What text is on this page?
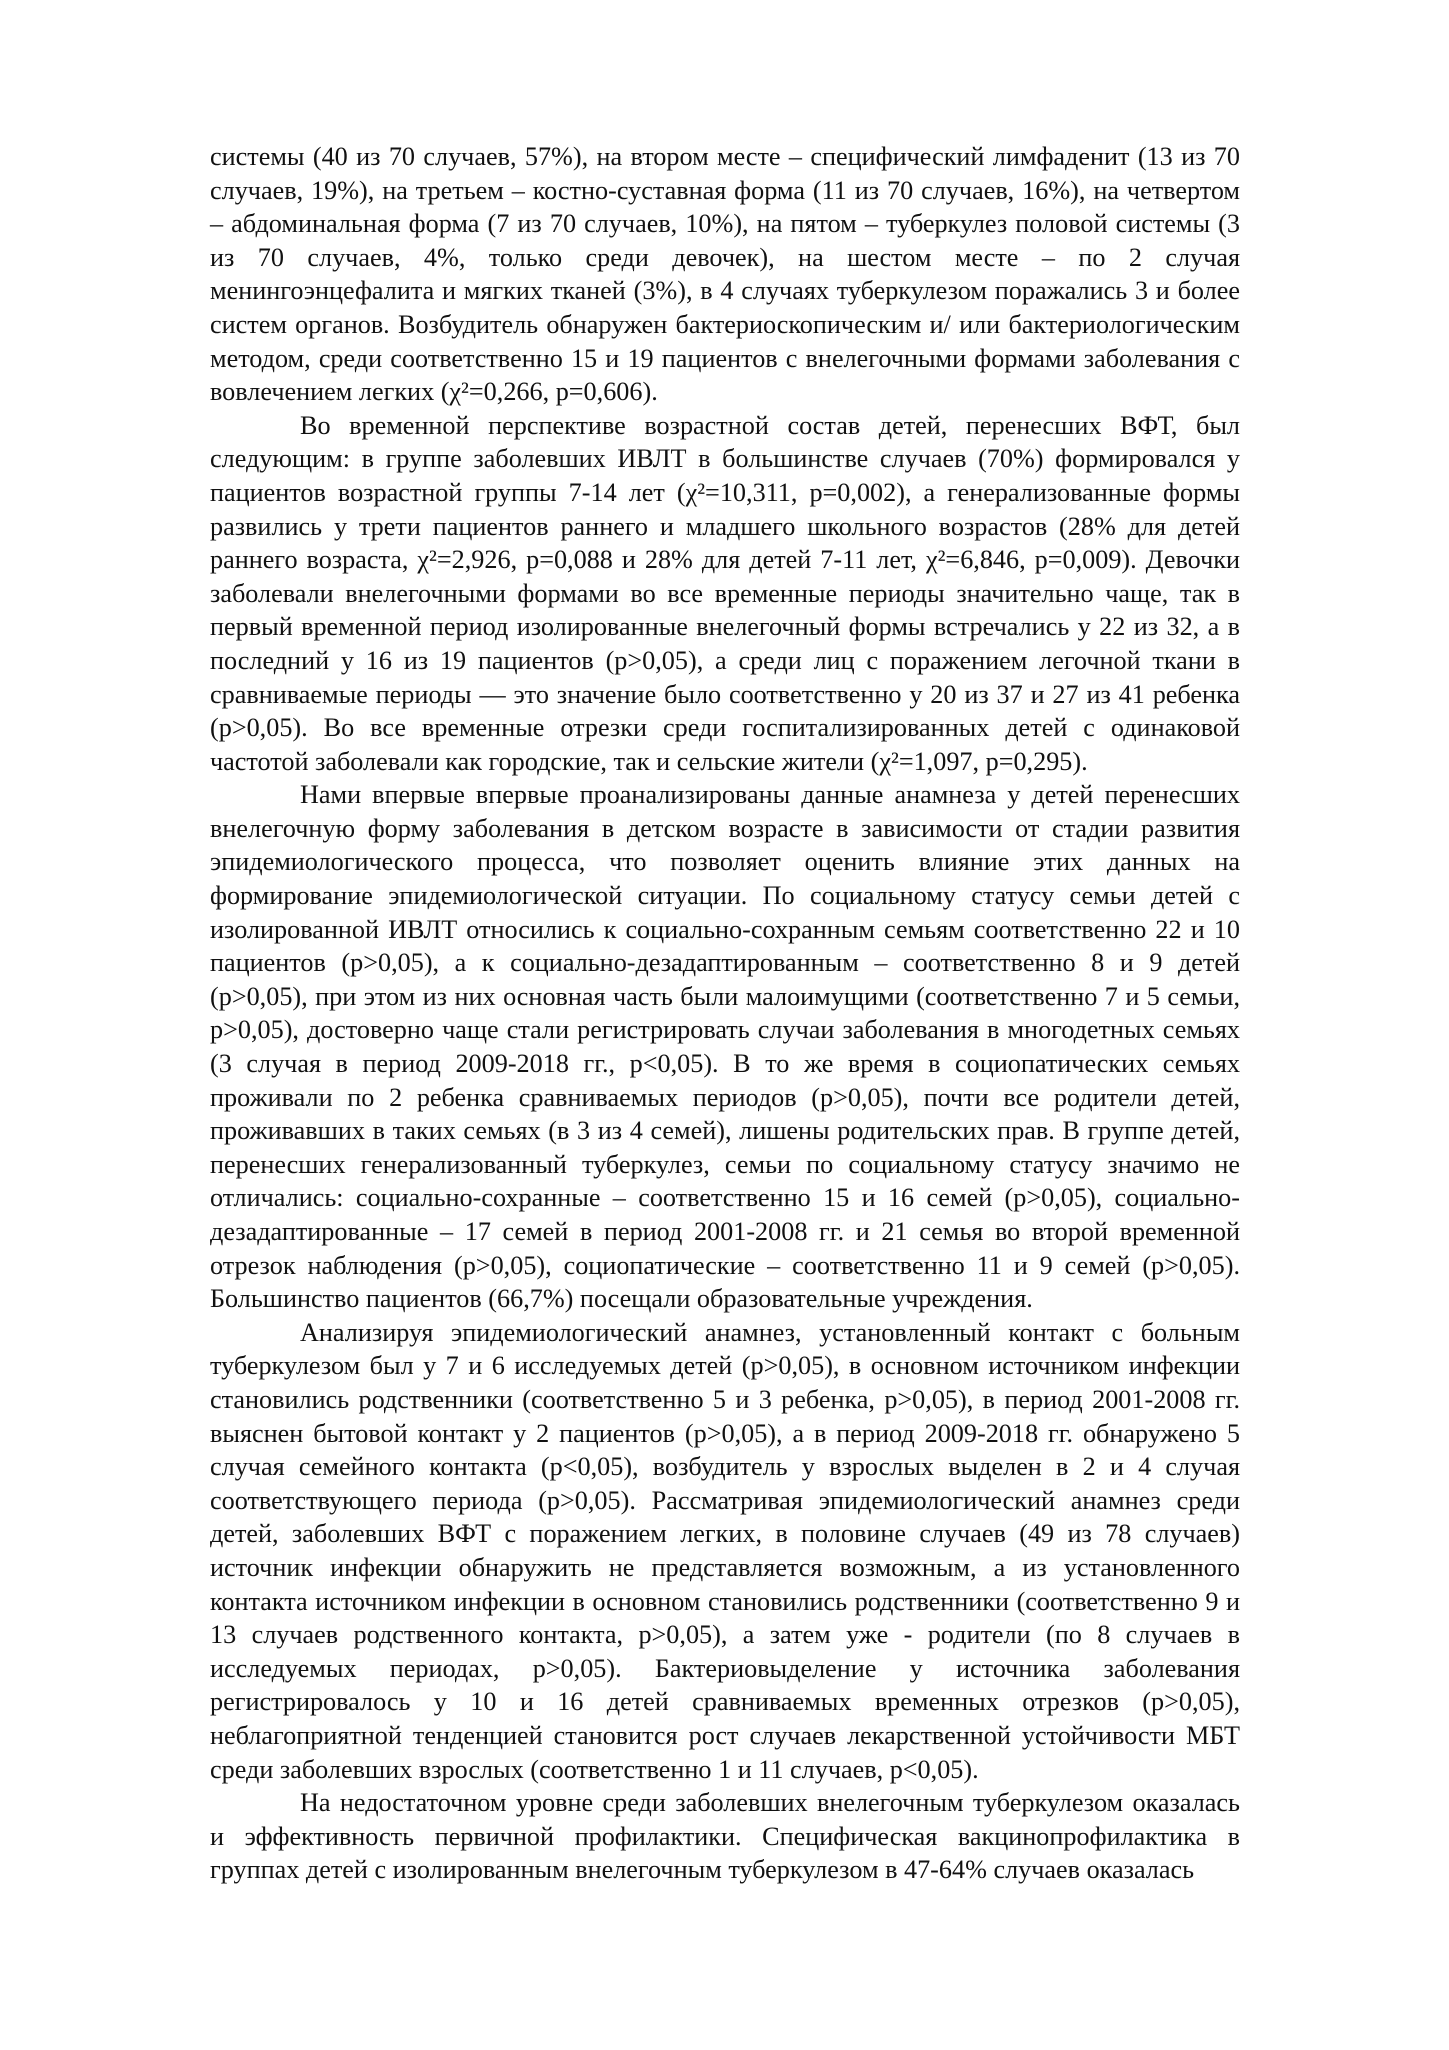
системы (40 из 70 случаев, 57%), на втором месте – специфический лимфаденит (13 из 70 случаев, 19%), на третьем – костно-суставная форма (11 из 70 случаев, 16%), на четвертом – абдоминальная форма (7 из 70 случаев, 10%), на пятом – туберкулез половой системы (3 из 70 случаев, 4%, только среди девочек), на шестом месте – по 2 случая менингоэнцефалита и мягких тканей (3%), в 4 случаях туберкулезом поражались 3 и более систем органов. Возбудитель обнаружен бактериоскопическим и/ или бактериологическим методом, среди соответственно 15 и 19 пациентов с внелегочными формами заболевания с вовлечением легких (χ²=0,266, р=0,606).

Во временной перспективе возрастной состав детей, перенесших ВФТ, был следующим: в группе заболевших ИВЛТ в большинстве случаев (70%) формировался у пациентов возрастной группы 7-14 лет (χ²=10,311, р=0,002), а генерализованные формы развились у трети пациентов раннего и младшего школьного возрастов (28% для детей раннего возраста, χ²=2,926, р=0,088 и 28% для детей 7-11 лет, χ²=6,846, р=0,009). Девочки заболевали внелегочными формами во все временные периоды значительно чаще, так в первый временной период изолированные внелегочный формы встречались у 22 из 32, а в последний у 16 из 19 пациентов (р>0,05), а среди лиц с поражением легочной ткани в сравниваемые периоды — это значение было соответственно у 20 из 37 и 27 из 41 ребенка (р>0,05). Во все временные отрезки среди госпитализированных детей с одинаковой частотой заболевали как городские, так и сельские жители (χ²=1,097, р=0,295).

Нами впервые впервые проанализированы данные анамнеза у детей перенесших внелегочную форму заболевания в детском возрасте в зависимости от стадии развития эпидемиологического процесса, что позволяет оценить влияние этих данных на формирование эпидемиологической ситуации. По социальному статусу семьи детей с изолированной ИВЛТ относились к социально-сохранным семьям соответственно 22 и 10 пациентов (р>0,05), а к социально-дезадаптированным – соответственно 8 и 9 детей (р>0,05), при этом из них основная часть были малоимущими (соответственно 7 и 5 семьи, р>0,05), достоверно чаще стали регистрировать случаи заболевания в многодетных семьях (3 случая в период 2009-2018 гг., р<0,05). В то же время в социопатических семьях проживали по 2 ребенка сравниваемых периодов (р>0,05), почти все родители детей, проживавших в таких семьях (в 3 из 4 семей), лишены родительских прав. В группе детей, перенесших генерализованный туберкулез, семьи по социальному статусу значимо не отличались: социально-сохранные – соответственно 15 и 16 семей (р>0,05), социально-дезадаптированные – 17 семей в период 2001-2008 гг. и 21 семья во второй временной отрезок наблюдения (р>0,05), социопатические – соответственно 11 и 9 семей (р>0,05). Большинство пациентов (66,7%) посещали образовательные учреждения.

Анализируя эпидемиологический анамнез, установленный контакт с больным туберкулезом был у 7 и 6 исследуемых детей (р>0,05), в основном источником инфекции становились родственники (соответственно 5 и 3 ребенка, р>0,05), в период 2001-2008 гг. выяснен бытовой контакт у 2 пациентов (р>0,05), а в период 2009-2018 гг. обнаружено 5 случая семейного контакта (р<0,05), возбудитель у взрослых выделен в 2 и 4 случая соответствующего периода (р>0,05). Рассматривая эпидемиологический анамнез среди детей, заболевших ВФТ с поражением легких, в половине случаев (49 из 78 случаев) источник инфекции обнаружить не представляется возможным, а из установленного контакта источником инфекции в основном становились родственники (соответственно 9 и 13 случаев родственного контакта, р>0,05), а затем уже - родители (по 8 случаев в исследуемых периодах, р>0,05). Бактериовыделение у источника заболевания регистрировалось у 10 и 16 детей сравниваемых временных отрезков (р>0,05), неблагоприятной тенденцией становится рост случаев лекарственной устойчивости МБТ среди заболевших взрослых (соответственно 1 и 11 случаев, р<0,05).

На недостаточном уровне среди заболевших внелегочным туберкулезом оказалась и эффективность первичной профилактики. Специфическая вакцинопрофилактика в группах детей с изолированным внелегочным туберкулезом в 47-64% случаев оказалась
